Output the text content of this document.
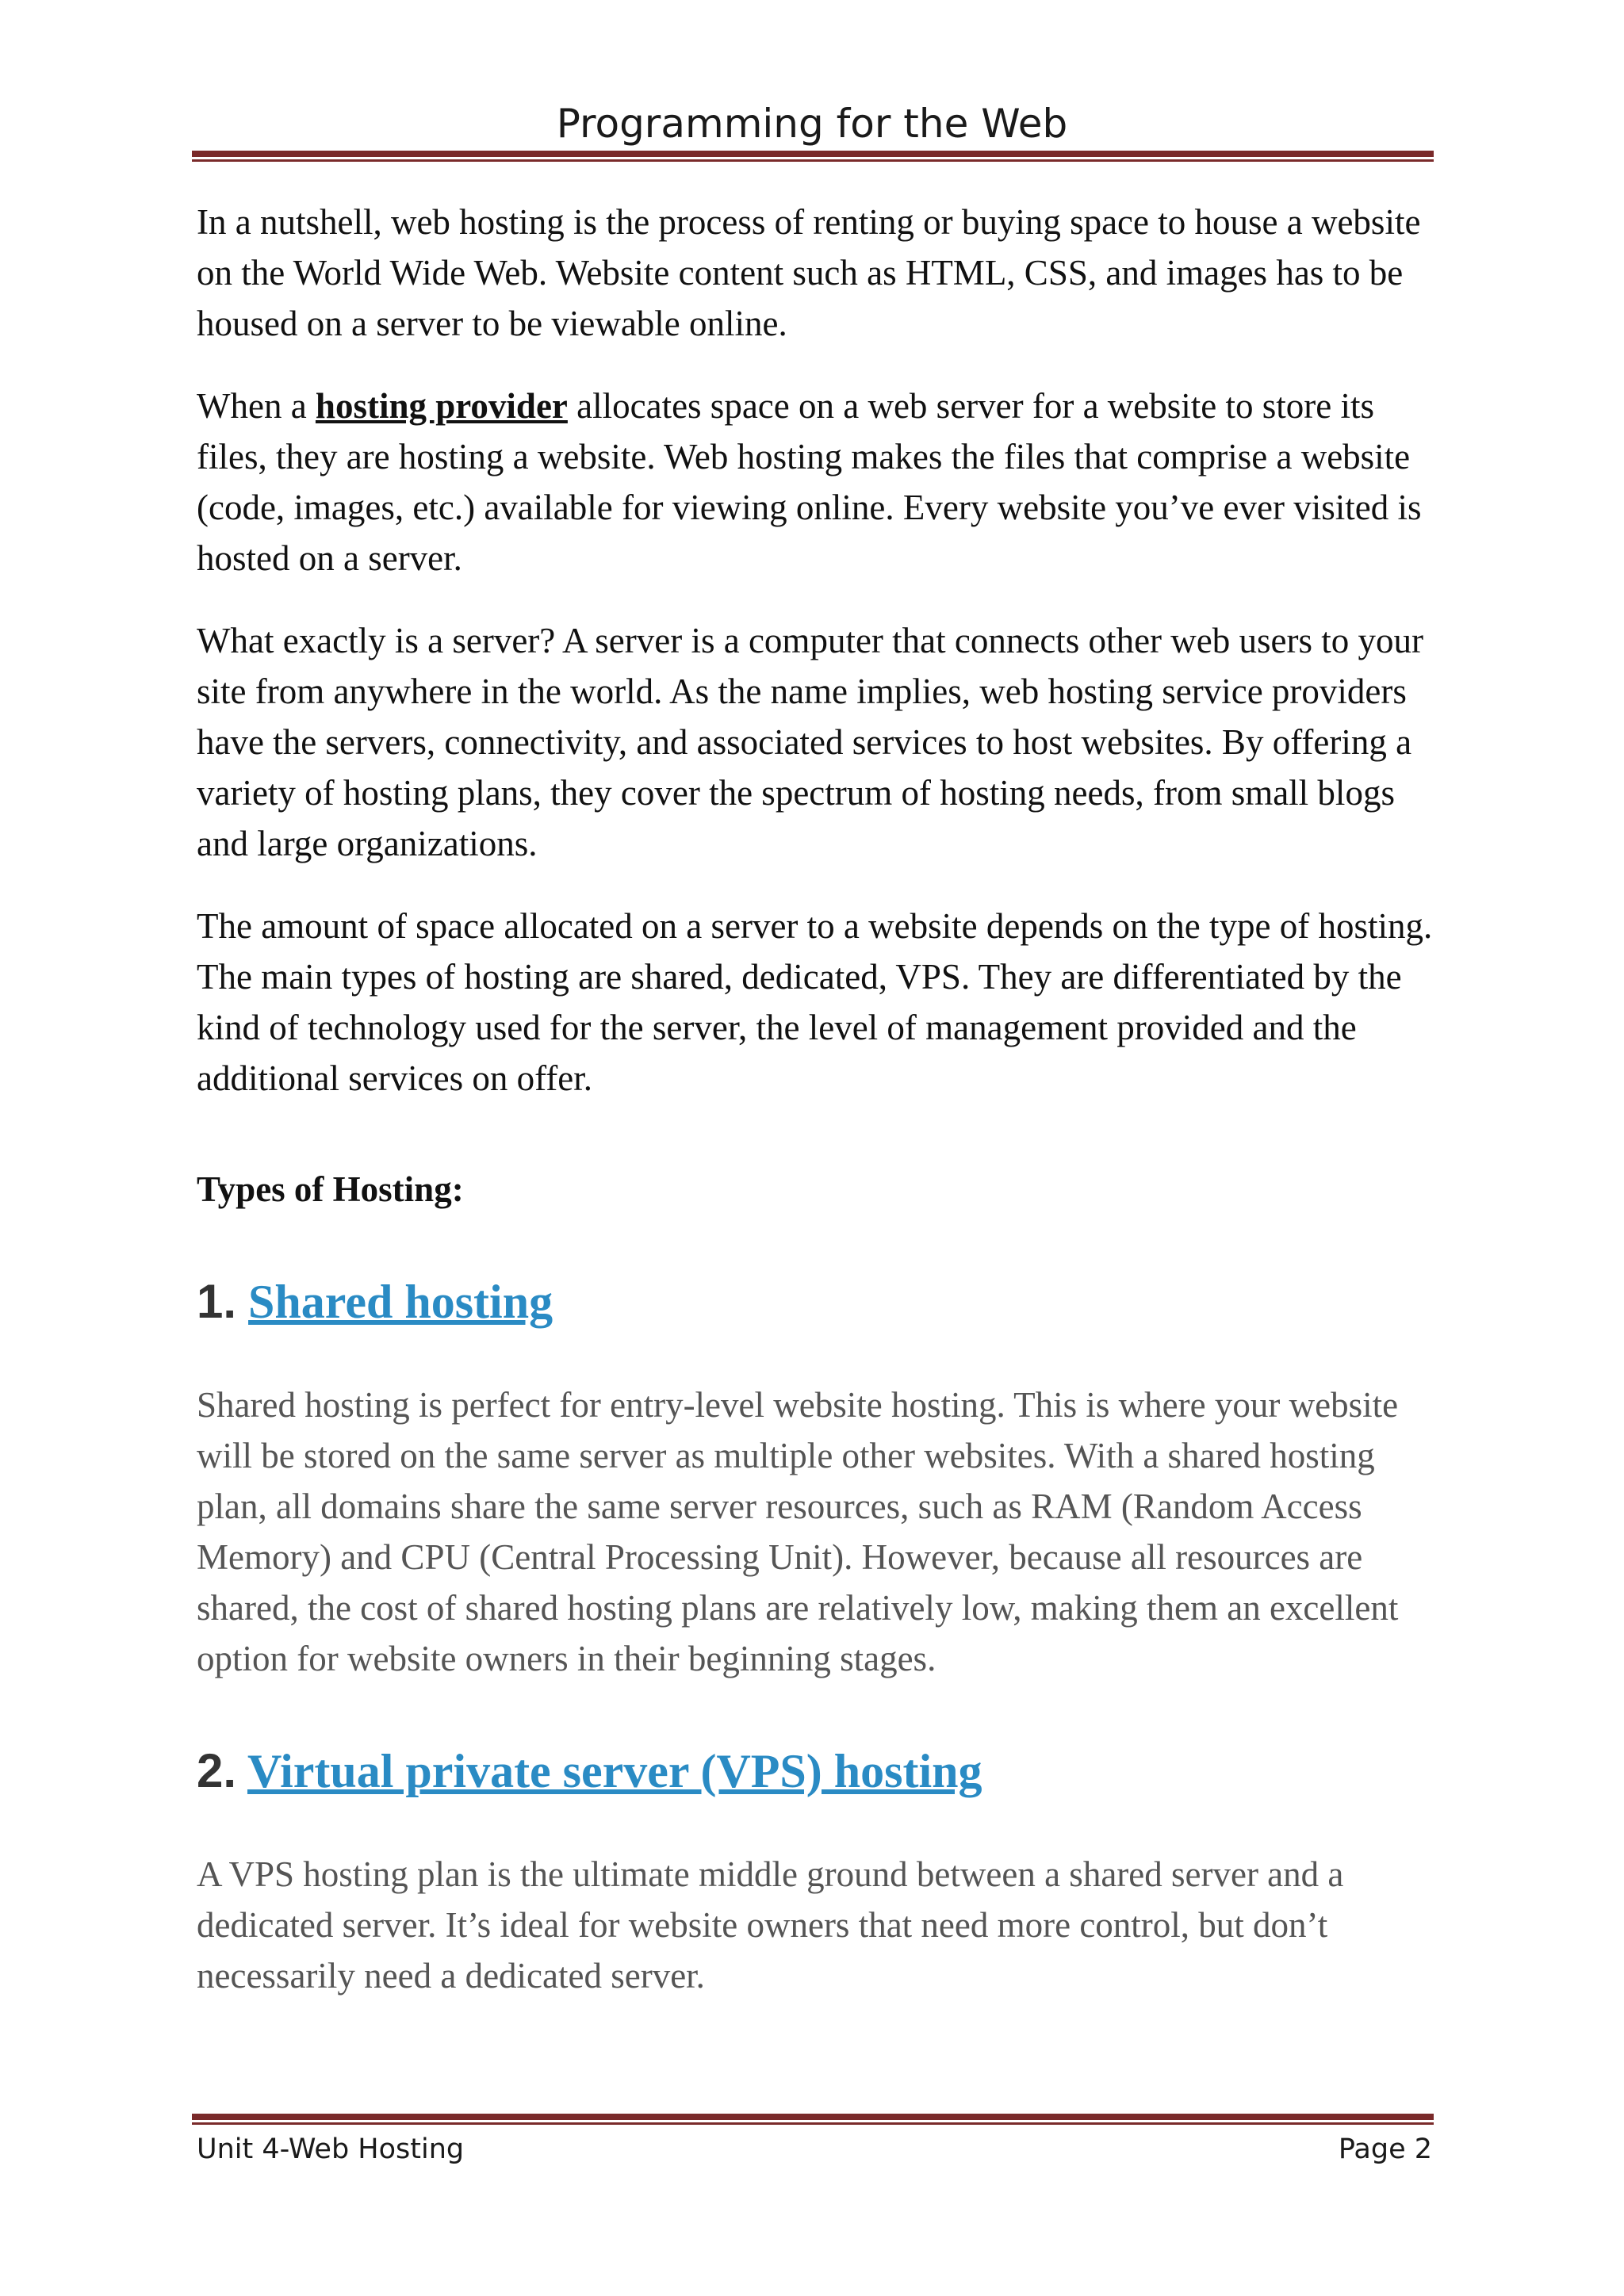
Programming for the Web

In a nutshell, web hosting is the process of renting or buying space to house a website on the World Wide Web. Website content such as HTML, CSS, and images has to be housed on a server to be viewable online.

When a hosting provider allocates space on a web server for a website to store its files, they are hosting a website. Web hosting makes the files that comprise a website (code, images, etc.) available for viewing online. Every website you’ve ever visited is hosted on a server.

What exactly is a server? A server is a computer that connects other web users to your site from anywhere in the world. As the name implies, web hosting service providers have the servers, connectivity, and associated services to host websites. By offering a variety of hosting plans, they cover the spectrum of hosting needs, from small blogs and large organizations.

The amount of space allocated on a server to a website depends on the type of hosting. The main types of hosting are shared, dedicated, VPS. They are differentiated by the kind of technology used for the server, the level of management provided and the additional services on offer.

Types of Hosting:

1. Shared hosting

Shared hosting is perfect for entry-level website hosting. This is where your website will be stored on the same server as multiple other websites. With a shared hosting plan, all domains share the same server resources, such as RAM (Random Access Memory) and CPU (Central Processing Unit). However, because all resources are shared, the cost of shared hosting plans are relatively low, making them an excellent option for website owners in their beginning stages.

2. Virtual private server (VPS) hosting

A VPS hosting plan is the ultimate middle ground between a shared server and a dedicated server. It’s ideal for website owners that need more control, but don’t necessarily need a dedicated server.

Unit 4-Web Hosting	Page 2
